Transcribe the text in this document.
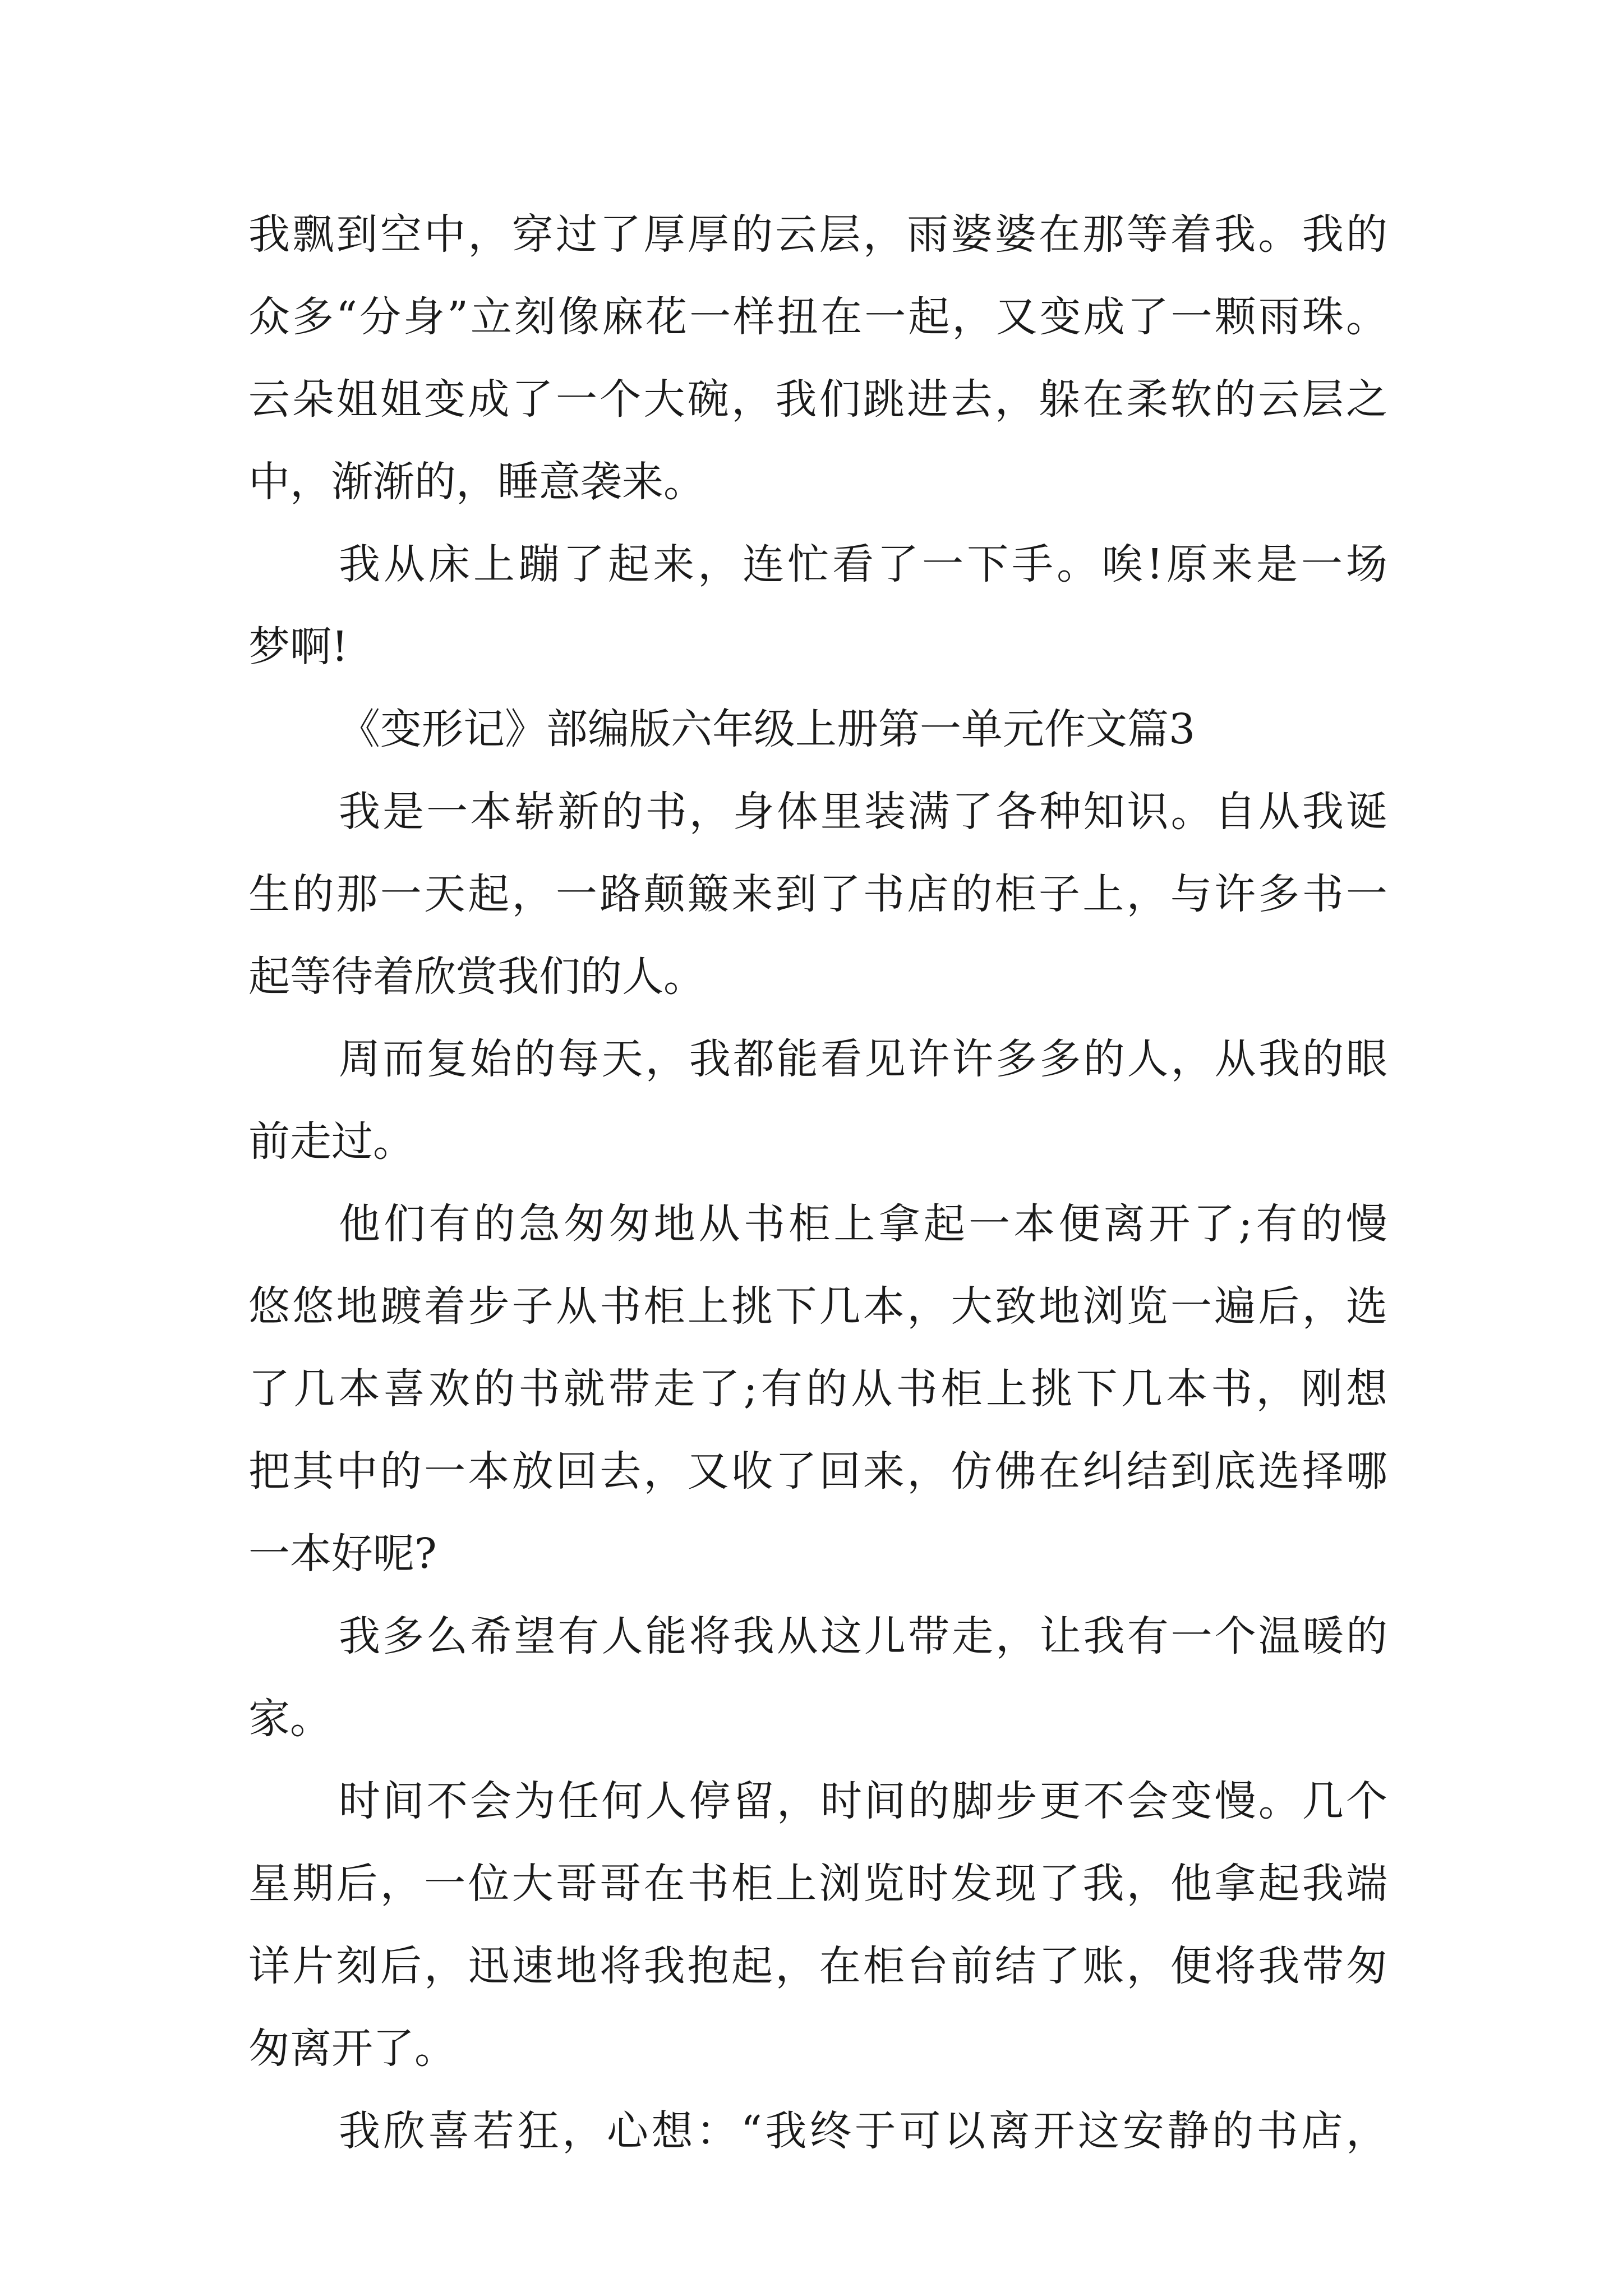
我飘到空中，穿过了厚厚的云层，雨婆婆在那等着我。我的
众多“分身”立刻像麻花一样扭在一起，又变成了一颗雨珠。
云朵姐姐变成了一个大碗，我们跳进去，躲在柔软的云层之
中，渐渐的，睡意袭来。
我从床上蹦了起来，连忙看了一下手。唉!原来是一场
梦啊!
《变形记》部编版六年级上册第一单元作文篇3
我是一本崭新的书，身体里装满了各种知识。自从我诞
生的那一天起，一路颠簸来到了书店的柜子上，与许多书一
起等待着欣赏我们的人。
周而复始的每天，我都能看见许许多多的人，从我的眼
前走过。
他们有的急匆匆地从书柜上拿起一本便离开了;有的慢
悠悠地踱着步子从书柜上挑下几本，大致地浏览一遍后，选
了几本喜欢的书就带走了;有的从书柜上挑下几本书，刚想
把其中的一本放回去，又收了回来，仿佛在纠结到底选择哪
一本好呢?
我多么希望有人能将我从这儿带走，让我有一个温暖的
家。
时间不会为任何人停留，时间的脚步更不会变慢。几个
星期后，一位大哥哥在书柜上浏览时发现了我，他拿起我端
详片刻后，迅速地将我抱起，在柜台前结了账，便将我带匆
匆离开了。
我欣喜若狂，心想：“我终于可以离开这安静的书店，
